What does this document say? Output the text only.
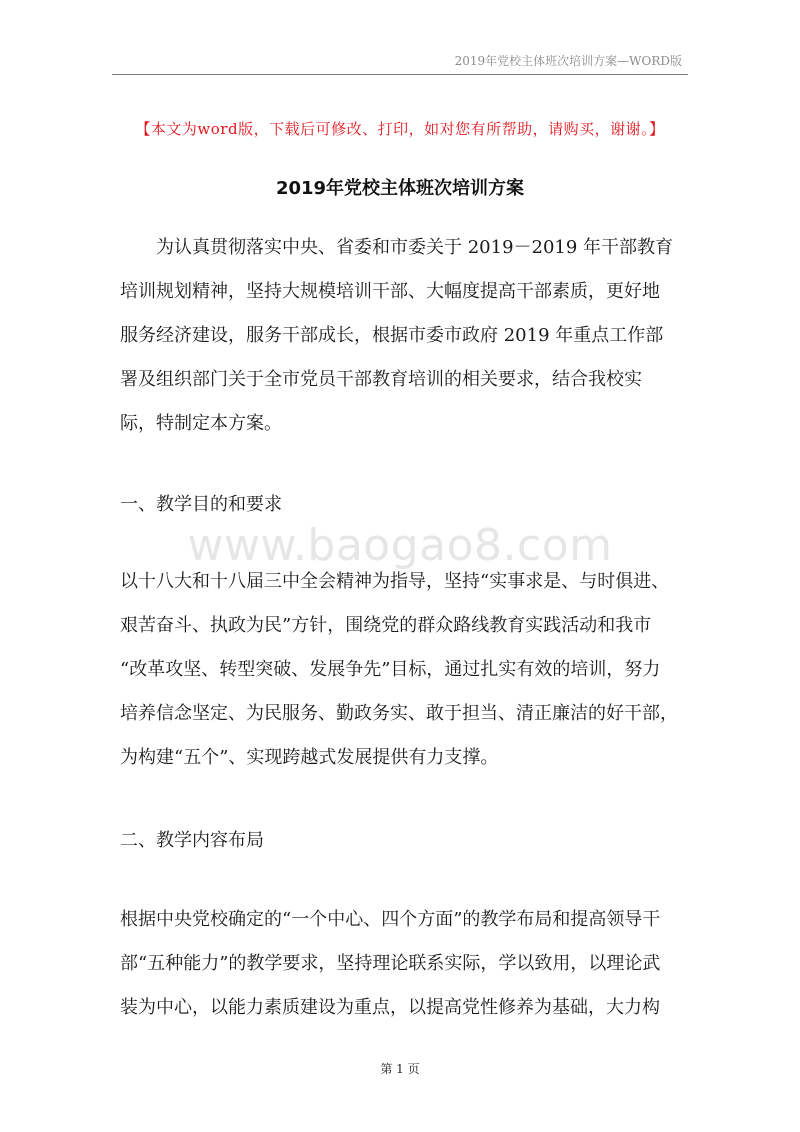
2019年党校主体班次培训方案—WORD版
【本文为word版，下载后可修改、打印，如对您有所帮助，请购买，谢谢。】
2019年党校主体班次培训方案
为认真贯彻落实中央、省委和市委关于 2019－2019 年干部教育
培训规划精神，坚持大规模培训干部、大幅度提高干部素质，更好地
服务经济建设，服务干部成长，根据市委市政府 2019 年重点工作部
署及组织部门关于全市党员干部教育培训的相关要求，结合我校实
际，特制定本方案。
一、教学目的和要求
www.baogao8.com
以十八大和十八届三中全会精神为指导，坚持“实事求是、与时俱进、
艰苦奋斗、执政为民”方针，围绕党的群众路线教育实践活动和我市
“改革攻坚、转型突破、发展争先”目标，通过扎实有效的培训，努力
培养信念坚定、为民服务、勤政务实、敢于担当、清正廉洁的好干部，
为构建“五个”、实现跨越式发展提供有力支撑。
二、教学内容布局
根据中央党校确定的“一个中心、四个方面”的教学布局和提高领导干
部“五种能力”的教学要求，坚持理论联系实际，学以致用，以理论武
装为中心，以能力素质建设为重点，以提高党性修养为基础，大力构
第 1 页
